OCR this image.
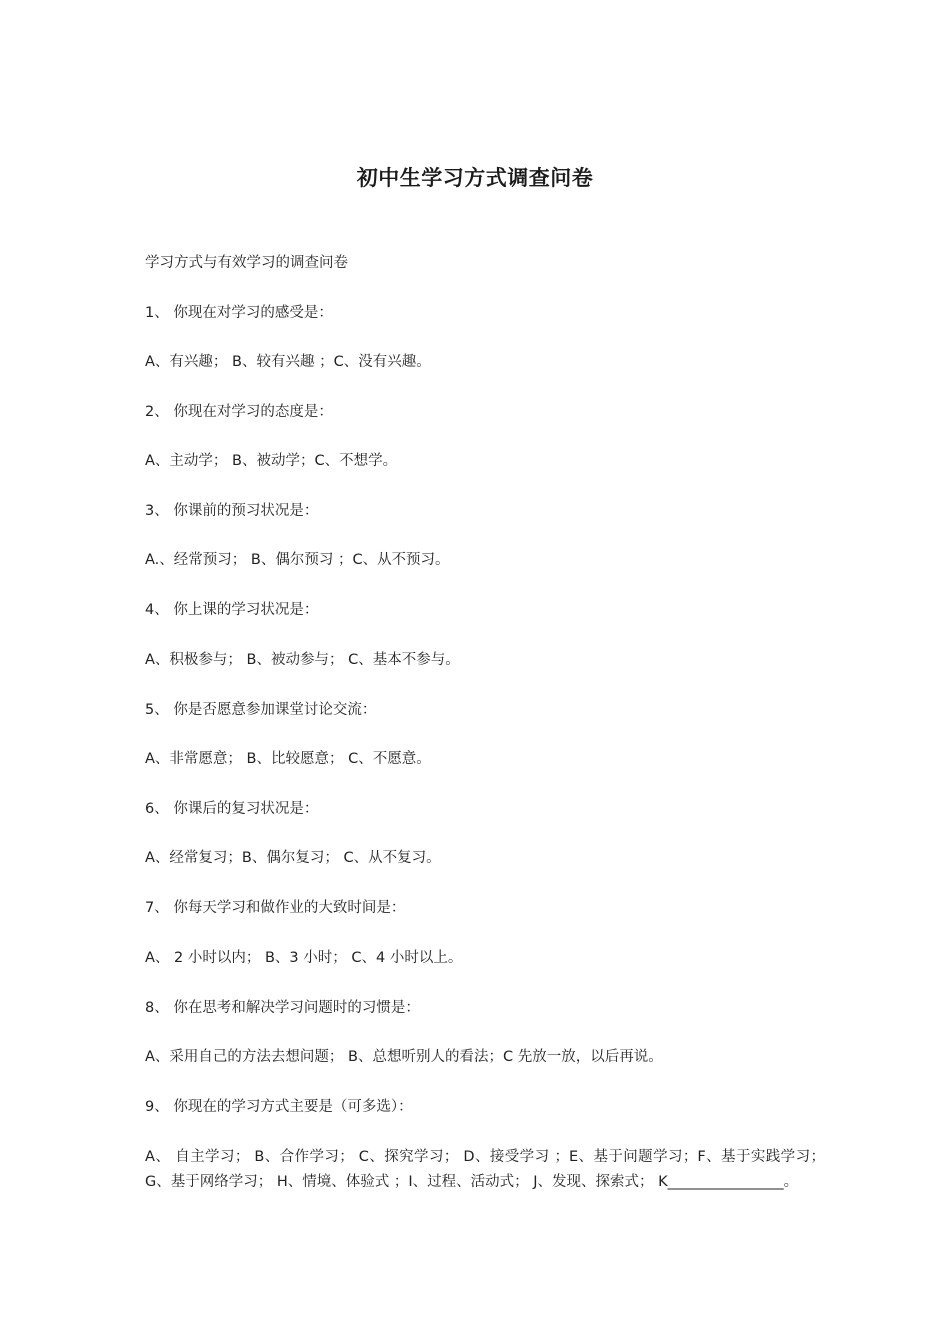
初中生学习方式调查问卷
学习方式与有效学习的调查问卷
1、 你现在对学习的感受是：
A、有兴趣； B、较有兴趣 ；C、没有兴趣。
2、 你现在对学习的态度是：
A、主动学； B、被动学；C、不想学。
3、 你课前的预习状况是：
A.、经常预习； B、偶尔预习 ；C、从不预习。
4、 你上课的学习状况是：
A、积极参与； B、被动参与； C、基本不参与。
5、 你是否愿意参加课堂讨论交流：
A、非常愿意； B、比较愿意； C、不愿意。
6、 你课后的复习状况是：
A、经常复习；B、偶尔复习； C、从不复习。
7、 你每天学习和做作业的大致时间是：
A、 2 小时以内； B、3 小时； C、4 小时以上。
8、 你在思考和解决学习问题时的习惯是：
A、采用自己的方法去想问题； B、总想听别人的看法；C 先放一放，以后再说。
9、 你现在的学习方式主要是（可多选）：
A、 自主学习； B、合作学习； C、探究学习； D、接受学习 ；E、基于问题学习；F、基于实践学习； G、基于网络学习； H、情境、体验式 ；I、过程、活动式； J、发现、探索式； K________________。
